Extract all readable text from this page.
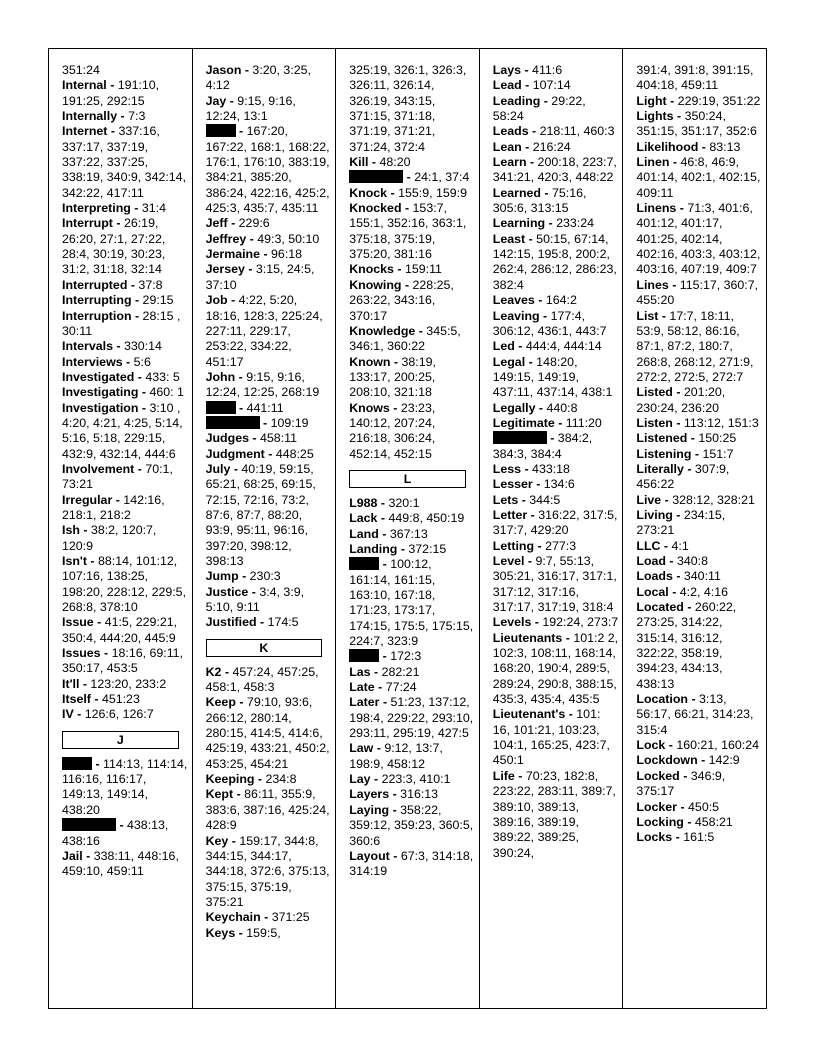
351:24
Internal - 191:10, 191:25, 292:15
Internally - 7:3
Internet - 337:16, 337:17, 337:19, 337:22, 337:25, 338:19, 340:9, 342:14, 342:22, 417:11
Interpreting - 31:4
Interrupt - 26:19, 26:20, 27:1, 27:22, 28:4, 30:19, 30:23, 31:2, 31:18, 32:14
Interrupted - 37:8
Interrupting - 29:15
Interruption - 28:15 , 30:11
Intervals - 330:14
Interviews - 5:6
Investigated - 433: 5
Investigating - 460: 1
Investigation - 3:10 , 4:20, 4:21, 4:25, 5:14, 5:16, 5:18, 229:15, 432:9, 432:14, 444:6
Involvement - 70:1, 73:21
Irregular - 142:16, 218:1, 218:2
Ish - 38:2, 120:7, 120:9
Isn't - 88:14, 101:12, 107:16, 138:25, 198:20, 228:12, 229:5, 268:8, 378:10
Issue - 41:5, 229:21, 350:4, 444:20, 445:9
Issues - 18:16, 69:11, 350:17, 453:5
It'll - 123:20, 233:2
Itself - 451:23
IV - 126:6, 126:7
J
- 114:13, 114:14, 116:16, 116:17, 149:13, 149:14, 438:20
- 438:13, 438:16
Jail - 338:11, 448:16, 459:10, 459:11
Jason - 3:20, 3:25, 4:12
Jay - 9:15, 9:16, 12:24, 13:1
- 167:20, 167:22, 168:1, 168:22, 176:1, 176:10, 383:19, 384:21, 385:20, 386:24, 422:16, 425:2, 425:3, 435:7, 435:11
Jeff - 229:6
Jeffrey - 49:3, 50:10
Jermaine - 96:18
Jersey - 3:15, 24:5, 37:10
Job - 4:22, 5:20, 18:16, 128:3, 225:24, 227:11, 229:17, 253:22, 334:22, 451:17
John - 9:15, 9:16, 12:24, 12:25, 268:19
- 441:11
- 109:19
Judges - 458:11
Judgment - 448:25
July - 40:19, 59:15, 65:21, 68:25, 69:15, 72:15, 72:16, 73:2, 87:6, 87:7, 88:20, 93:9, 95:11, 96:16, 397:20, 398:12, 398:13
Jump - 230:3
Justice - 3:4, 3:9, 5:10, 9:11
Justified - 174:5
K
K2 - 457:24, 457:25, 458:1, 458:3
Keep - 79:10, 93:6, 266:12, 280:14, 280:15, 414:5, 414:6, 425:19, 433:21, 450:2, 453:25, 454:21
Keeping - 234:8
Kept - 86:11, 355:9, 383:6, 387:16, 425:24, 428:9
Key - 159:17, 344:8, 344:15, 344:17, 344:18, 372:6, 375:13, 375:15, 375:19, 375:21
Keychain - 371:25
Keys - 159:5,
325:19, 326:1, 326:3, 326:11, 326:14, 326:19, 343:15, 371:15, 371:18, 371:19, 371:21, 371:24, 372:4
Kill - 48:20
- 24:1, 37:4
Knock - 155:9, 159:9
Knocked - 153:7, 155:1, 352:16, 363:1, 375:18, 375:19, 375:20, 381:16
Knocks - 159:11
Knowing - 228:25, 263:22, 343:16, 370:17
Knowledge - 345:5, 346:1, 360:22
Known - 38:19, 133:17, 200:25, 208:10, 321:18
Knows - 23:23, 140:12, 207:24, 216:18, 306:24, 452:14, 452:15
L
L988 - 320:1
Lack - 449:8, 450:19
Land - 367:13
Landing - 372:15
- 100:12, 161:14, 161:15, 163:10, 167:18, 171:23, 173:17, 174:15, 175:5, 175:15, 224:7, 323:9
- 172:3
Las - 282:21
Late - 77:24
Later - 51:23, 137:12, 198:4, 229:22, 293:10, 293:11, 295:19, 427:5
Law - 9:12, 13:7, 198:9, 458:12
Lay - 223:3, 410:1
Layers - 316:13
Laying - 358:22, 359:12, 359:23, 360:5, 360:6
Layout - 67:3, 314:18, 314:19
Lays - 411:6
Lead - 107:14
Leading - 29:22, 58:24
Leads - 218:11, 460:3
Lean - 216:24
Learn - 200:18, 223:7, 341:21, 420:3, 448:22
Learned - 75:16, 305:6, 313:15
Learning - 233:24
Least - 50:15, 67:14, 142:15, 195:8, 200:2, 262:4, 286:12, 286:23, 382:4
Leaves - 164:2
Leaving - 177:4, 306:12, 436:1, 443:7
Led - 444:4, 444:14
Legal - 148:20, 149:15, 149:19, 437:11, 437:14, 438:1
Legally - 440:8
Legitimate - 111:20
- 384:2, 384:3, 384:4
Less - 433:18
Lesser - 134:6
Lets - 344:5
Letter - 316:22, 317:5, 317:7, 429:20
Letting - 277:3
Level - 9:7, 55:13, 305:21, 316:17, 317:1, 317:12, 317:16, 317:17, 317:19, 318:4
Levels - 192:24, 273:7
Lieutenants - 101:2 2, 102:3, 108:11, 168:14, 168:20, 190:4, 289:5, 289:24, 290:8, 388:15, 435:3, 435:4, 435:5
Lieutenant's - 101: 16, 101:21, 103:23, 104:1, 165:25, 423:7, 450:1
Life - 70:23, 182:8, 223:22, 283:11, 389:7, 389:10, 389:13, 389:16, 389:19, 389:22, 389:25, 390:24,
391:4, 391:8, 391:15, 404:18, 459:11
Light - 229:19, 351:22
Lights - 350:24, 351:15, 351:17, 352:6
Likelihood - 83:13
Linen - 46:8, 46:9, 401:14, 402:1, 402:15, 409:11
Linens - 71:3, 401:6, 401:12, 401:17, 401:25, 402:14, 402:16, 403:3, 403:12, 403:16, 407:19, 409:7
Lines - 115:17, 360:7, 455:20
List - 17:7, 18:11, 53:9, 58:12, 86:16, 87:1, 87:2, 180:7, 268:8, 268:12, 271:9, 272:2, 272:5, 272:7
Listed - 201:20, 230:24, 236:20
Listen - 113:12, 151:3
Listened - 150:25
Listening - 151:7
Literally - 307:9, 456:22
Live - 328:12, 328:21
Living - 234:15, 273:21
LLC - 4:1
Load - 340:8
Loads - 340:11
Local - 4:2, 4:16
Located - 260:22, 273:25, 314:22, 315:14, 316:12, 322:22, 358:19, 394:23, 434:13, 438:13
Location - 3:13, 56:17, 66:21, 314:23, 315:4
Lock - 160:21, 160:24
Lockdown - 142:9
Locked - 346:9, 375:17
Locker - 450:5
Locking - 458:21
Locks - 161:5
